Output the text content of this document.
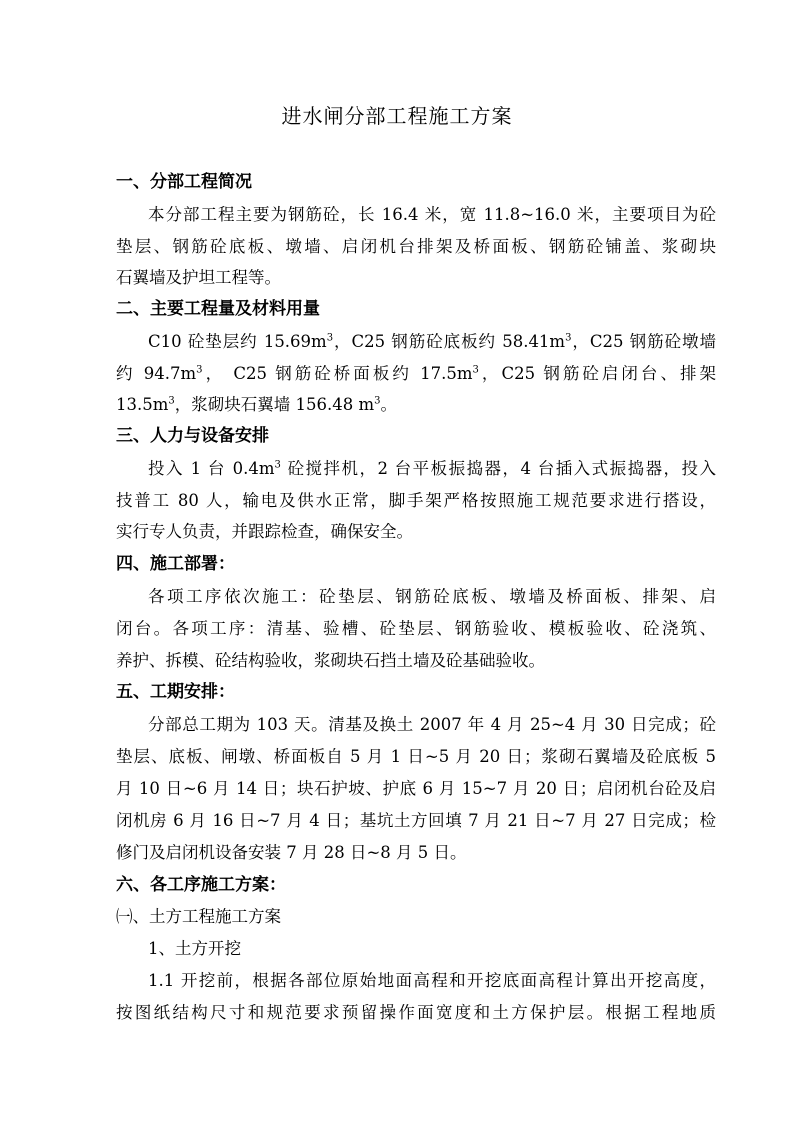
进水闸分部工程施工方案
一、分部工程简况
本分部工程主要为钢筋砼，长 16.4 米，宽 11.8~16.0 米，主要项目为砼
垫层、钢筋砼底板、墩墙、启闭机台排架及桥面板、钢筋砼铺盖、浆砌块
石翼墙及护坦工程等。
二、主要工程量及材料用量
C10 砼垫层约 $15.69m^3$，C25 钢筋砼底板约 $58.41m^3$，C25 钢筋砼墩墙
约 $94.7m^3$， C25 钢筋砼桥面板约 $17.5m^3$，C25 钢筋砼启闭台、排架
$13.5m^3$，浆砌块石翼墙 156.48 $m^3$。
三、人力与设备安排
投入 1 台 $0.4m^3$ 砼搅拌机，2 台平板振捣器，4 台插入式振捣器，投入
技普工 80 人，输电及供水正常，脚手架严格按照施工规范要求进行搭设，
实行专人负责，并跟踪检查，确保安全。
四、施工部署：
各项工序依次施工：砼垫层、钢筋砼底板、墩墙及桥面板、排架、启
闭台。各项工序：清基、验槽、砼垫层、钢筋验收、模板验收、砼浇筑、
养护、拆模、砼结构验收，浆砌块石挡土墙及砼基础验收。
五、工期安排：
分部总工期为 103 天。清基及换土 2007 年 4 月 25~4 月 30 日完成；砼
垫层、底板、闸墩、桥面板自 5 月 1 日~5 月 20 日；浆砌石翼墙及砼底板 5
月 10 日~6 月 14 日；块石护坡、护底 6 月 15~7 月 20 日；启闭机台砼及启
闭机房 6 月 16 日~7 月 4 日；基坑土方回填 7 月 21 日~7 月 27 日完成；检
修门及启闭机设备安装 7 月 28 日~8 月 5 日。
六、各工序施工方案：
㈠、土方工程施工方案
1、土方开挖
1.1 开挖前，根据各部位原始地面高程和开挖底面高程计算出开挖高度，
按图纸结构尺寸和规范要求预留操作面宽度和土方保护层。根据工程地质
